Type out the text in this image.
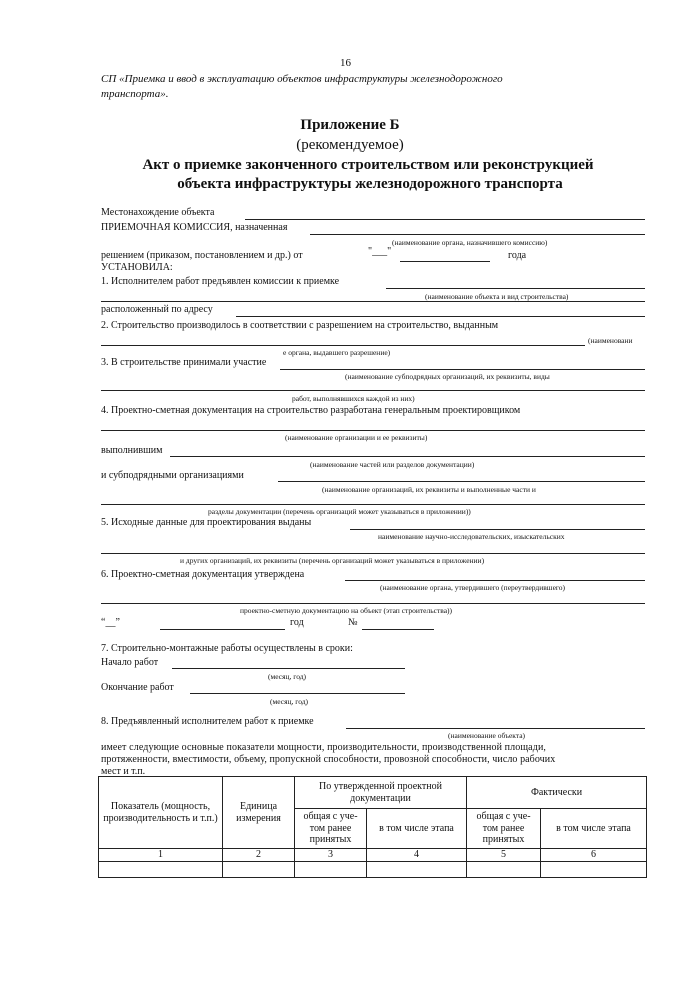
16
СП «Приемка и ввод в эксплуатацию объектов инфраструктуры железнодорожного
транспорта».
Приложение Б
(рекомендуемое)
Акт о приемке законченного строительством или реконструкцией
объекта инфраструктуры железнодорожного транспорта
Местонахождение объекта
ПРИЕМОЧНАЯ КОМИССИЯ, назначенная
(наименование органа, назначившего комиссию)
решением (приказом, постановлением и др.) от	"___"	года
УСТАНОВИЛА:
1. Исполнителем работ предъявлен комиссии к приемке
(наименование объекта и вид строительства)
расположенный по адресу
2. Строительство производилось в соответствии с разрешением на строительство, выданным
(наименовани
е органа, выдавшего разрешение)
3. В строительстве принимали участие
(наименование субподрядных организаций, их реквизиты, виды
работ, выполнявшихся каждой из них)
4. Проектно-сметная документация на строительство разработана генеральным проектировщиком
(наименование организации и ее реквизиты)
выполнившим
(наименование частей или разделов документации)
и субподрядными организациями
(наименование организаций, их реквизиты и выполненные части и
разделы документации (перечень организаций может указываться в приложении))
5. Исходные данные для проектирования выданы
наименование научно-исследовательских, изыскательских
и других организаций, их реквизиты (перечень организаций может указываться в приложении)
6. Проектно-сметная документация утверждена
(наименование органа, утвердившего (переутвердившего)
проектно-сметную документацию на объект (этап строительства))
“__”	год	№
7. Строительно-монтажные работы осуществлены в сроки:
Начало работ
(месяц, год)
Окончание работ
(месяц, год)
8. Предъявленный исполнителем работ к приемке
(наименование объекта)
имеет следующие основные показатели мощности, производительности, производственной площади,
протяженности, вместимости, объему, пропускной способности, провозной способности, число рабочих
мест и т.п.
Показатель (мощность, производительность и т.п.)	Единица измерения	По утвержденной проектной документации		Фактически	
		общая с уче-том ранее принятых	в том числе этапа	общая с уче-том ранее принятых	в том числе этапа
1	2	3	4	5	6
